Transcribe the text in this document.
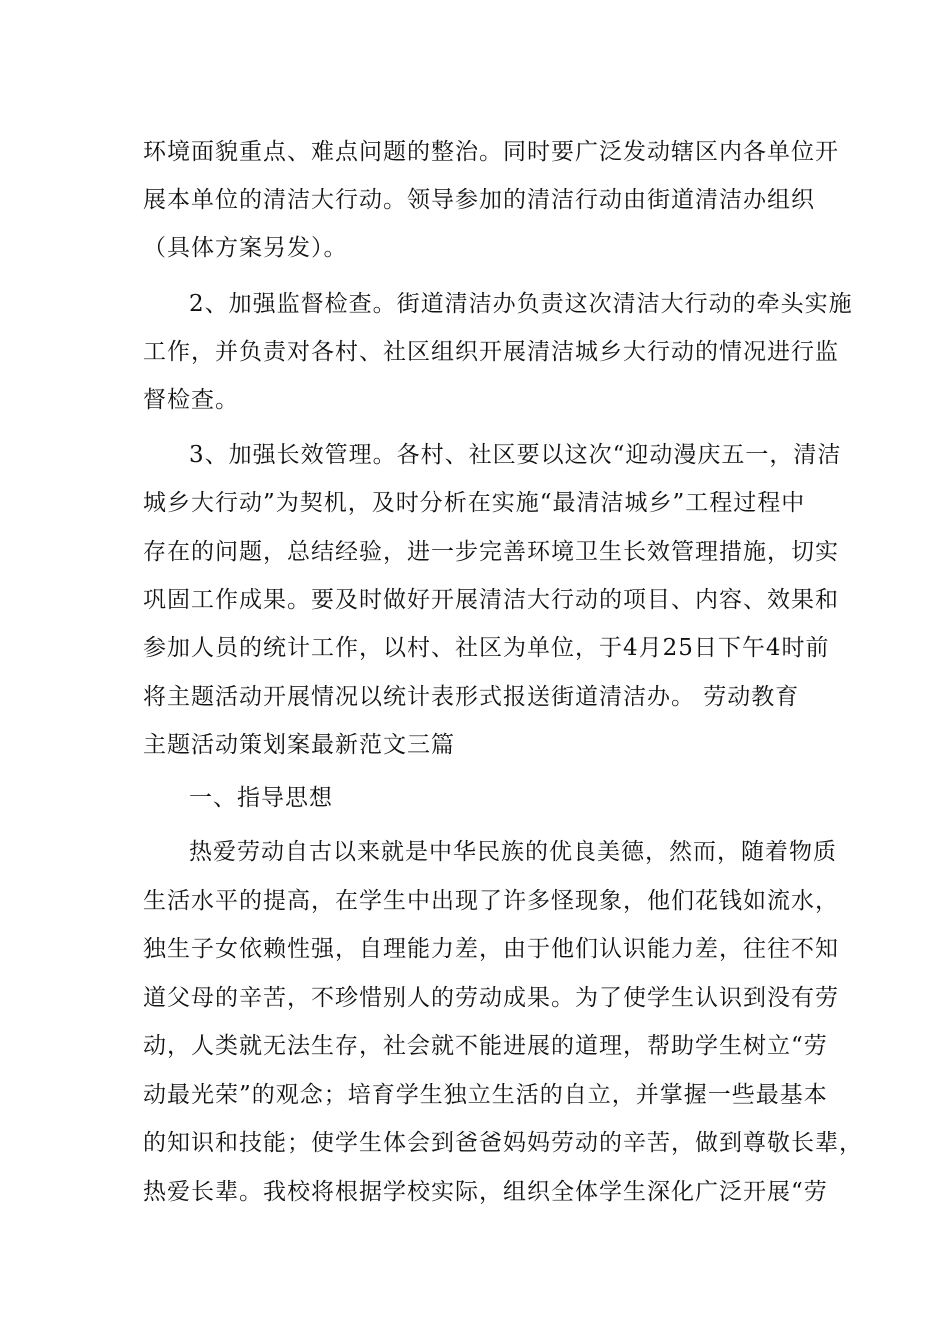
环境面貌重点、难点问题的整治。同时要广泛发动辖区内各单位开
展本单位的清洁大行动。领导参加的清洁行动由街道清洁办组织
（具体方案另发）。
2、加强监督检查。街道清洁办负责这次清洁大行动的牵头实施
工作，并负责对各村、社区组织开展清洁城乡大行动的情况进行监
督检查。
3、加强长效管理。各村、社区要以这次“迎动漫庆五一，清洁
城乡大行动”为契机，及时分析在实施“最清洁城乡”工程过程中
存在的问题，总结经验，进一步完善环境卫生长效管理措施，切实
巩固工作成果。要及时做好开展清洁大行动的项目、内容、效果和
参加人员的统计工作，以村、社区为单位，于4月25日下午4时前
将主题活动开展情况以统计表形式报送街道清洁办。 劳动教育
主题活动策划案最新范文三篇
一、指导思想
热爱劳动自古以来就是中华民族的优良美德，然而，随着物质
生活水平的提高，在学生中出现了许多怪现象，他们花钱如流水，
独生子女依赖性强，自理能力差，由于他们认识能力差，往往不知
道父母的辛苦，不珍惜别人的劳动成果。为了使学生认识到没有劳
动，人类就无法生存，社会就不能进展的道理，帮助学生树立“劳
动最光荣”的观念；培育学生独立生活的自立，并掌握一些最基本
的知识和技能；使学生体会到爸爸妈妈劳动的辛苦，做到尊敬长辈，
热爱长辈。我校将根据学校实际，组织全体学生深化广泛开展“劳
